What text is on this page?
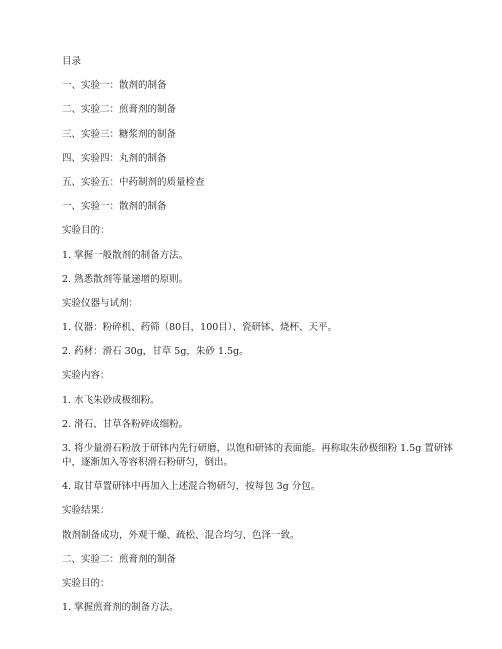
目录

一、实验一：散剂的制备

二、实验二：煎膏剂的制备

三、实验三：糖浆剂的制备

四、实验四：丸剂的制备

五、实验五：中药制剂的质量检查

一、实验一：散剂的制备

实验目的：

1. 掌握一般散剂的制备方法。

2. 熟悉散剂等量递增的原则。

实验仪器与试剂：

1. 仪器：粉碎机、药筛（80目，100目）、瓷研钵、烧杯、天平。

2. 药材：滑石 30g，甘草 5g，朱砂 1.5g。

实验内容：

1. 水飞朱砂成极细粉。

2. 滑石、甘草各粉碎成细粉。

3. 将少量滑石粉放于研钵内先行研磨，以饱和研钵的表面能。再称取朱砂极细粉 1.5g 置研钵中，逐渐加入等容积滑石粉研匀，倒出。

4. 取甘草置研钵中再加入上述混合物研匀，按每包 3g 分包。

实验结果：

散剂制备成功，外观干燥、疏松、混合均匀、色泽一致。

二、实验二：煎膏剂的制备

实验目的：

1. 掌握煎膏剂的制备方法。
